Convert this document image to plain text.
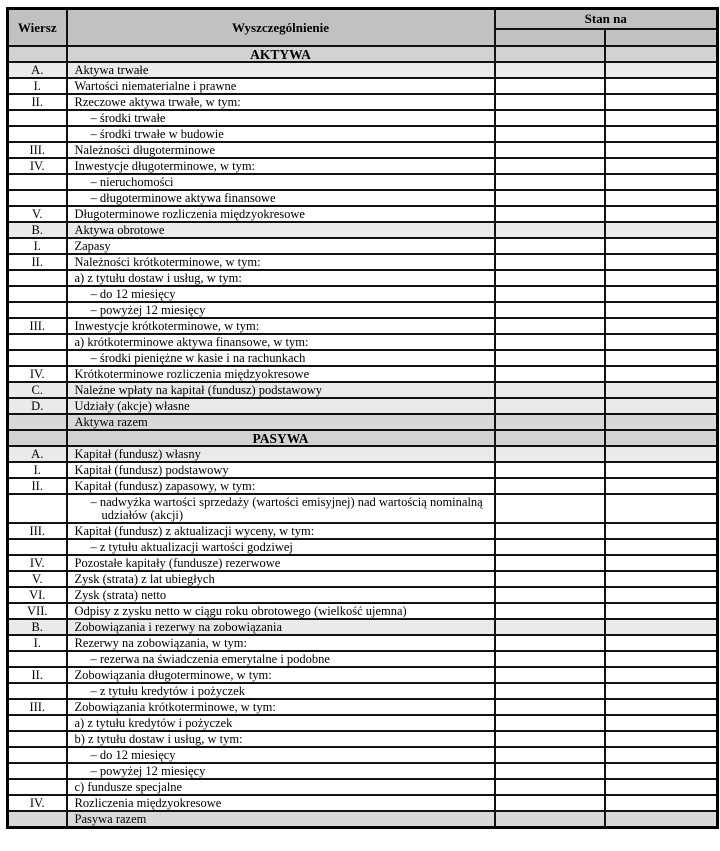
Wiersz	Wyszczególnienie	Stan na	

	AKTYWA		
A.	Aktywa trwałe		
I.	Wartości niematerialne i prawne		
II.	Rzeczowe aktywa trwałe, w tym:		
	– środki trwałe		
	– środki trwałe w budowie		
III.	Należności długoterminowe		
IV.	Inwestycje długoterminowe, w tym:		
	– nieruchomości		
	– długoterminowe aktywa finansowe		
V.	Długoterminowe rozliczenia międzyokresowe		
B.	Aktywa obrotowe		
I.	Zapasy		
II.	Należności krótkoterminowe, w tym:		
	a) z tytułu dostaw i usług, w tym:		
	– do 12 miesięcy		
	– powyżej 12 miesięcy		
III.	Inwestycje krótkoterminowe, w tym:		
	a) krótkoterminowe aktywa finansowe, w tym:		
	– środki pieniężne w kasie i na rachunkach		
IV.	Krótkoterminowe rozliczenia międzyokresowe		
C.	Należne wpłaty na kapitał (fundusz) podstawowy		
D.	Udziały (akcje) własne		
	Aktywa razem		
	PASYWA		
A.	Kapitał (fundusz) własny		
I.	Kapitał (fundusz) podstawowy		
II.	Kapitał (fundusz) zapasowy, w tym:		
	– nadwyżka wartości sprzedaży (wartości emisyjnej) nad wartością nominalną udziałów (akcji)		
III.	Kapitał (fundusz) z aktualizacji wyceny, w tym:		
	– z tytułu aktualizacji wartości godziwej		
IV.	Pozostałe kapitały (fundusze) rezerwowe		
V.	Zysk (strata) z lat ubiegłych		
VI.	Zysk (strata) netto		
VII.	Odpisy z zysku netto w ciągu roku obrotowego (wielkość ujemna)		
B.	Zobowiązania i rezerwy na zobowiązania		
I.	Rezerwy na zobowiązania, w tym:		
	– rezerwa na świadczenia emerytalne i podobne		
II.	Zobowiązania długoterminowe, w tym:		
	– z tytułu kredytów i pożyczek		
III.	Zobowiązania krótkoterminowe, w tym:		
	a) z tytułu kredytów i pożyczek		
	b) z tytułu dostaw i usług, w tym:		
	– do 12 miesięcy		
	– powyżej 12 miesięcy		
	c) fundusze specjalne		
IV.	Rozliczenia międzyokresowe		
	Pasywa razem		
